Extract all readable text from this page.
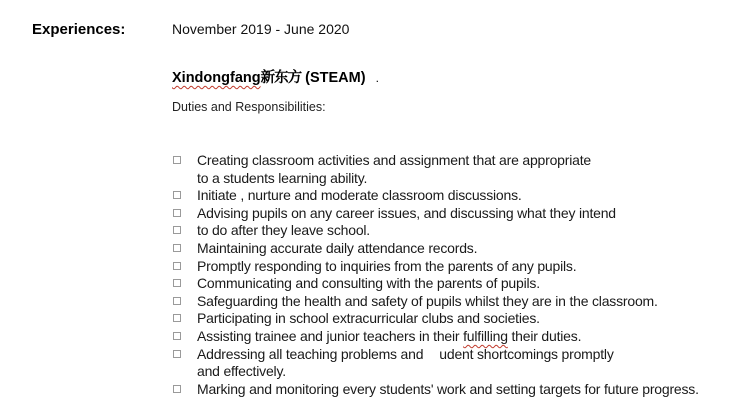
Experiences:	November 2019 - June 2020
Xindongfang新东方 (STEAM) .
Duties and Responsibilities:
Creating classroom activities and assignment that are appropriate
to a students learning ability.
Initiate , nurture and moderate classroom discussions.
Advising pupils on any career issues, and discussing what they intend
to do after they leave school.
Maintaining accurate daily attendance records.
Promptly responding to inquiries from the parents of any pupils.
Communicating and consulting with the parents of pupils.
Safeguarding the health and safety of pupils whilst they are in the classroom.
Participating in school extracurricular clubs and societies.
Assisting trainee and junior teachers in their fulfilling their duties.
Addressing all teaching problems and udent shortcomings promptly
and effectively.
Marking and monitoring every students' work and setting targets for future progress.
